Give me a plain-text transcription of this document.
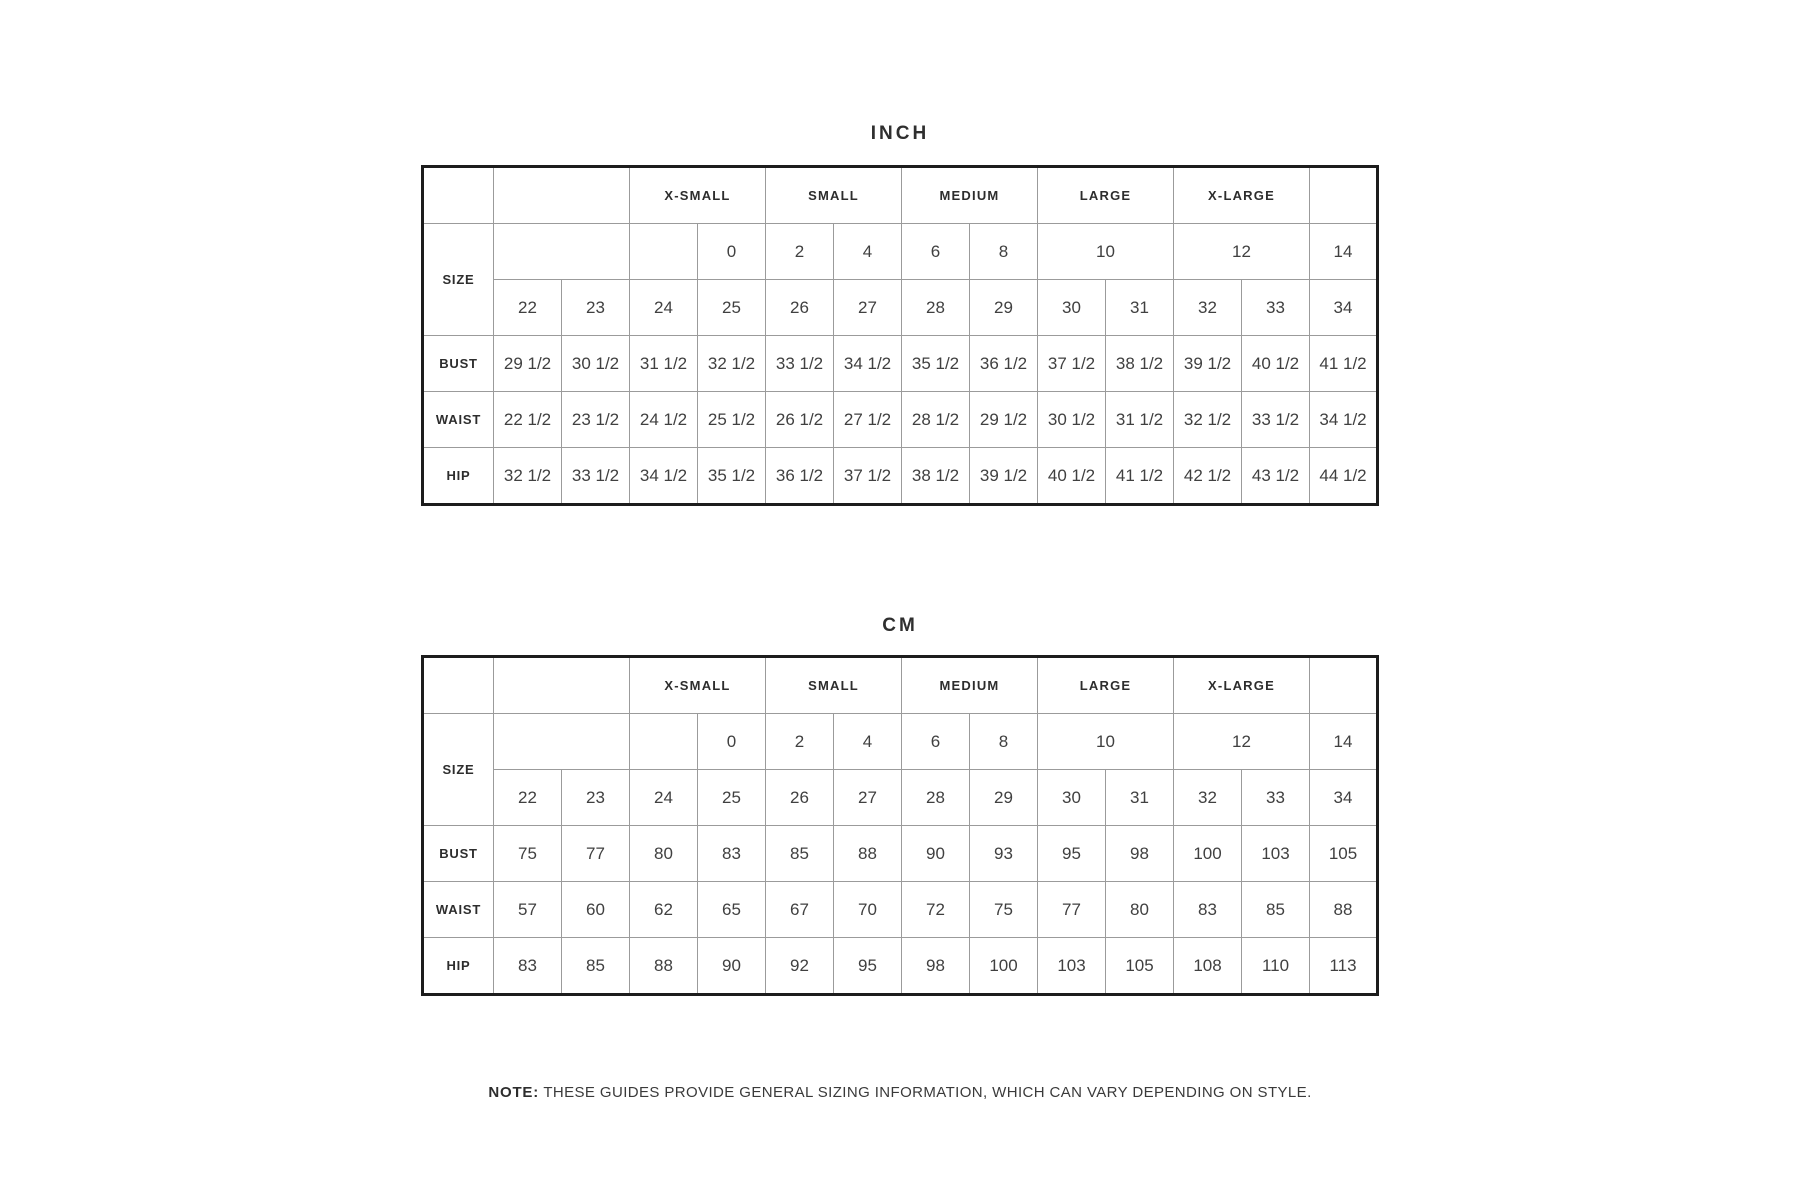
INCH
			X-SMALL		SMALL		MEDIUM		LARGE		X-LARGE		
SIZE				0	2	4	6	8	10		12		14
	22	23	24	25	26	27	28	29	30	31	32	33	34
BUST	29 1/2	30 1/2	31 1/2	32 1/2	33 1/2	34 1/2	35 1/2	36 1/2	37 1/2	38 1/2	39 1/2	40 1/2	41 1/2
WAIST	22 1/2	23 1/2	24 1/2	25 1/2	26 1/2	27 1/2	28 1/2	29 1/2	30 1/2	31 1/2	32 1/2	33 1/2	34 1/2
HIP	32 1/2	33 1/2	34 1/2	35 1/2	36 1/2	37 1/2	38 1/2	39 1/2	40 1/2	41 1/2	42 1/2	43 1/2	44 1/2
CM
			X-SMALL		SMALL		MEDIUM		LARGE		X-LARGE		
SIZE				0	2	4	6	8	10		12		14
	22	23	24	25	26	27	28	29	30	31	32	33	34
BUST	75	77	80	83	85	88	90	93	95	98	100	103	105
WAIST	57	60	62	65	67	70	72	75	77	80	83	85	88
HIP	83	85	88	90	92	95	98	100	103	105	108	110	113

NOTE: THESE GUIDES PROVIDE GENERAL SIZING INFORMATION, WHICH CAN VARY DEPENDING ON STYLE.
